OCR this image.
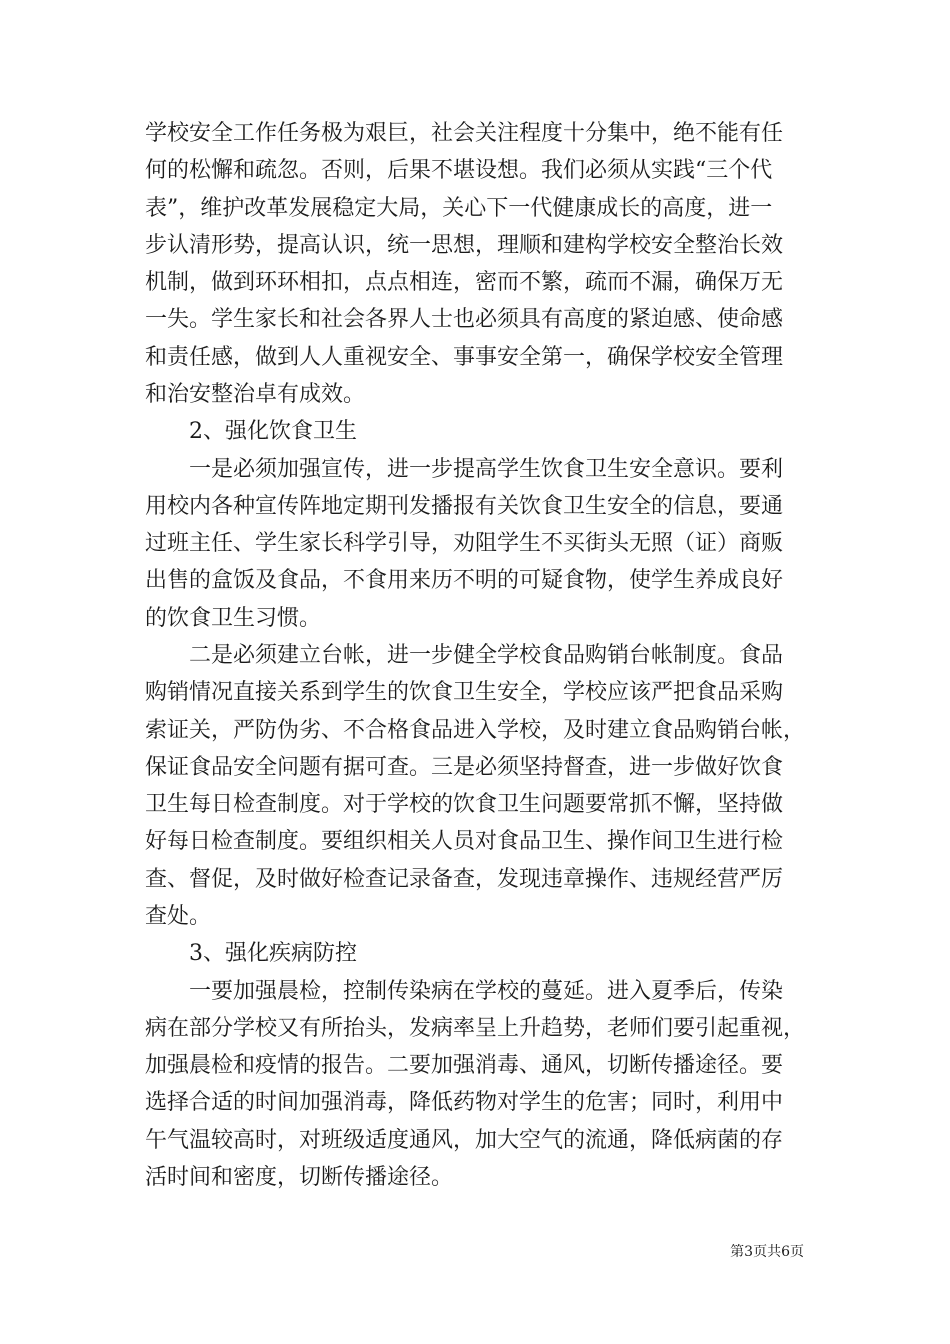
学校安全工作任务极为艰巨，社会关注程度十分集中，绝不能有任
何的松懈和疏忽。否则，后果不堪设想。我们必须从实践“三个代
表”，维护改革发展稳定大局，关心下一代健康成长的高度，进一
步认清形势，提高认识，统一思想，理顺和建构学校安全整治长效
机制，做到环环相扣，点点相连，密而不繁，疏而不漏，确保万无
一失。学生家长和社会各界人士也必须具有高度的紧迫感、使命感
和责任感，做到人人重视安全、事事安全第一，确保学校安全管理
和治安整治卓有成效。
　　2、强化饮食卫生
　　一是必须加强宣传，进一步提高学生饮食卫生安全意识。要利
用校内各种宣传阵地定期刊发播报有关饮食卫生安全的信息，要通
过班主任、学生家长科学引导，劝阻学生不买街头无照（证）商贩
出售的盒饭及食品，不食用来历不明的可疑食物，使学生养成良好
的饮食卫生习惯。
　　二是必须建立台帐，进一步健全学校食品购销台帐制度。食品
购销情况直接关系到学生的饮食卫生安全，学校应该严把食品采购
索证关，严防伪劣、不合格食品进入学校，及时建立食品购销台帐，
保证食品安全问题有据可查。三是必须坚持督查，进一步做好饮食
卫生每日检查制度。对于学校的饮食卫生问题要常抓不懈，坚持做
好每日检查制度。要组织相关人员对食品卫生、操作间卫生进行检
查、督促，及时做好检查记录备查，发现违章操作、违规经营严厉
查处。
　　3、强化疾病防控
　　一要加强晨检，控制传染病在学校的蔓延。进入夏季后，传染
病在部分学校又有所抬头，发病率呈上升趋势，老师们要引起重视，
加强晨检和疫情的报告。二要加强消毒、通风，切断传播途径。要
选择合适的时间加强消毒，降低药物对学生的危害；同时，利用中
午气温较高时，对班级适度通风，加大空气的流通，降低病菌的存
活时间和密度，切断传播途径。
第3页共6页
